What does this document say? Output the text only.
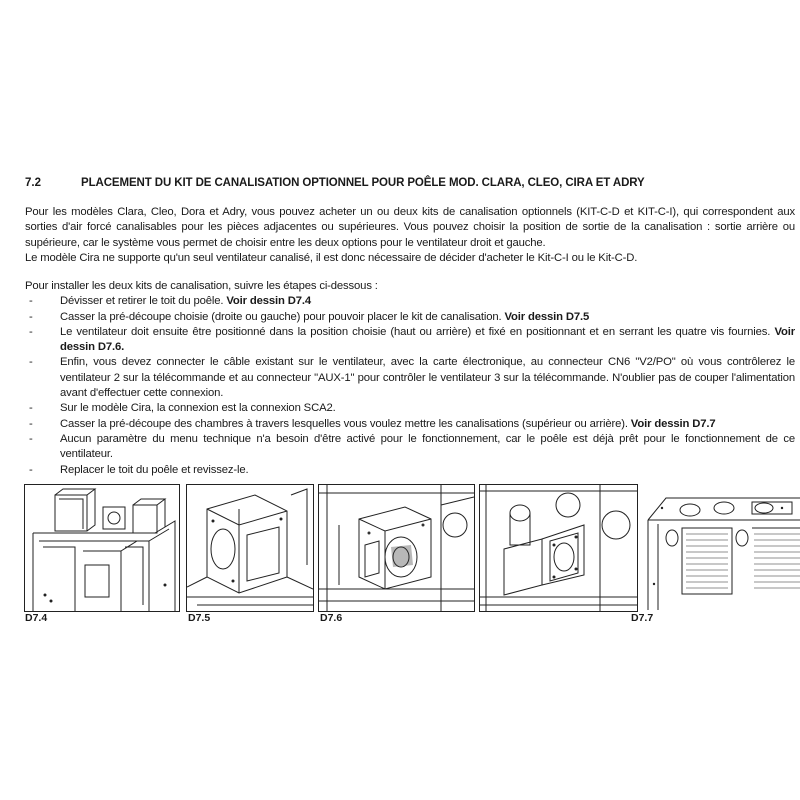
7.2	PLACEMENT DU KIT DE CANALISATION OPTIONNEL POUR POÊLE MOD. CLARA, CLEO, CIRA ET ADRY

Pour les modèles Clara, Cleo, Dora et Adry, vous pouvez acheter un ou deux kits de canalisation optionnels (KIT-C-D et KIT-C-I), qui correspondent aux sorties d'air forcé canalisables pour les pièces adjacentes ou supérieures. Vous pouvez choisir la position de sortie de la canalisation : sortie arrière ou supérieure, car le système vous permet de choisir entre les deux options pour le ventilateur droit et gauche.

Le modèle Cira ne supporte qu'un seul ventilateur canalisé, il est donc nécessaire de décider d'acheter le Kit-C-I ou le Kit-C-D.

Pour installer les deux kits de canalisation, suivre les étapes ci-dessous :

- Dévisser et retirer le toit du poêle. Voir dessin D7.4
- Casser la pré-découpe choisie (droite ou gauche) pour pouvoir placer le kit de canalisation. Voir dessin D7.5
- Le ventilateur doit ensuite être positionné dans la position choisie (haut ou arrière) et fixé en positionnant et en serrant les quatre vis fournies. Voir dessin D7.6.
- Enfin, vous devez connecter le câble existant sur le ventilateur, avec la carte électronique, au connecteur CN6 "V2/PO" où vous contrôlerez le ventilateur 2 sur la télécommande et au connecteur "AUX-1" pour contrôler le ventilateur 3 sur la télécommande. N'oublier pas de couper l'alimentation avant d'effectuer cette connexion.
- Sur le modèle Cira, la connexion est la connexion SCA2.
- Casser la pré-découpe des chambres à travers lesquelles vous voulez mettre les canalisations (supérieur ou arrière). Voir dessin D7.7
- Aucun paramètre du menu technique n'a besoin d'être activé pour le fonctionnement, car le poêle est déjà prêt pour le fonctionnement de ce ventilateur.
- Replacer le toit du poêle et revissez-le.
D7.4	D7.5	D7.6	D7.7
